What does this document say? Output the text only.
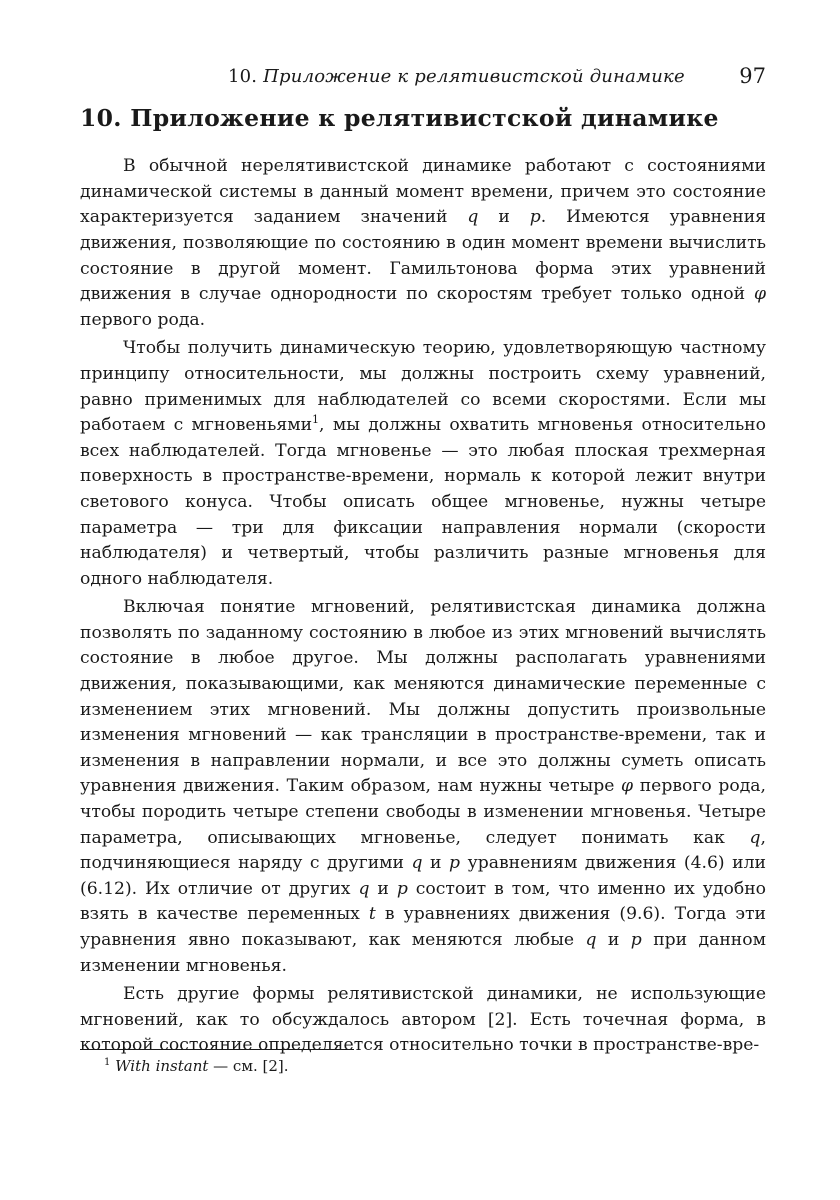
10. Приложение к релятивистской динамике	97
10. Приложение к релятивистской динамике

В обычной нерелятивистской динамике работают с состояниями динамической системы в данный момент времени, причем это состояние характеризуется заданием значений q и p. Имеются уравнения движения, позволяющие по состоянию в один момент времени вычислить состояние в другой момент. Гамильтонова форма этих уравнений движения в случае однородности по скоростям требует только одной φ первого рода.

Чтобы получить динамическую теорию, удовлетворяющую частному принципу относительности, мы должны построить схему уравнений, равно применимых для наблюдателей со всеми скоростями. Если мы работаем с мгновеньями$^1$, мы должны охватить мгновенья относительно всех наблюдателей. Тогда мгновенье — это любая плоская трехмерная поверхность в пространстве-времени, нормаль к которой лежит внутри светового конуса. Чтобы описать общее мгновенье, нужны четыре параметра — три для фиксации направления нормали (скорости наблюдателя) и четвертый, чтобы различить разные мгновенья для одного наблюдателя.

Включая понятие мгновений, релятивистская динамика должна позволять по заданному состоянию в любое из этих мгновений вычислять состояние в любое другое. Мы должны располагать уравнениями движения, показывающими, как меняются динамические переменные с изменением этих мгновений. Мы должны допустить произвольные изменения мгновений — как трансляции в пространстве-времени, так и изменения в направлении нормали, и все это должны суметь описать уравнения движения. Таким образом, нам нужны четыре φ первого рода, чтобы породить четыре степени свободы в изменении мгновенья. Четыре параметра, описывающих мгновенье, следует понимать как q, подчиняющиеся наряду с другими q и p уравнениям движения (4.6) или (6.12). Их отличие от других q и p состоит в том, что именно их удобно взять в качестве переменных t в уравнениях движения (9.6). Тогда эти уравнения явно показывают, как меняются любые q и p при данном изменении мгновенья.

Есть другие формы релятивистской динамики, не использующие мгновений, как то обсуждалось автором [2]. Есть точечная форма, в которой состояние определяется относительно точки в пространстве-вре-

$^1$ With instant — см. [2].
